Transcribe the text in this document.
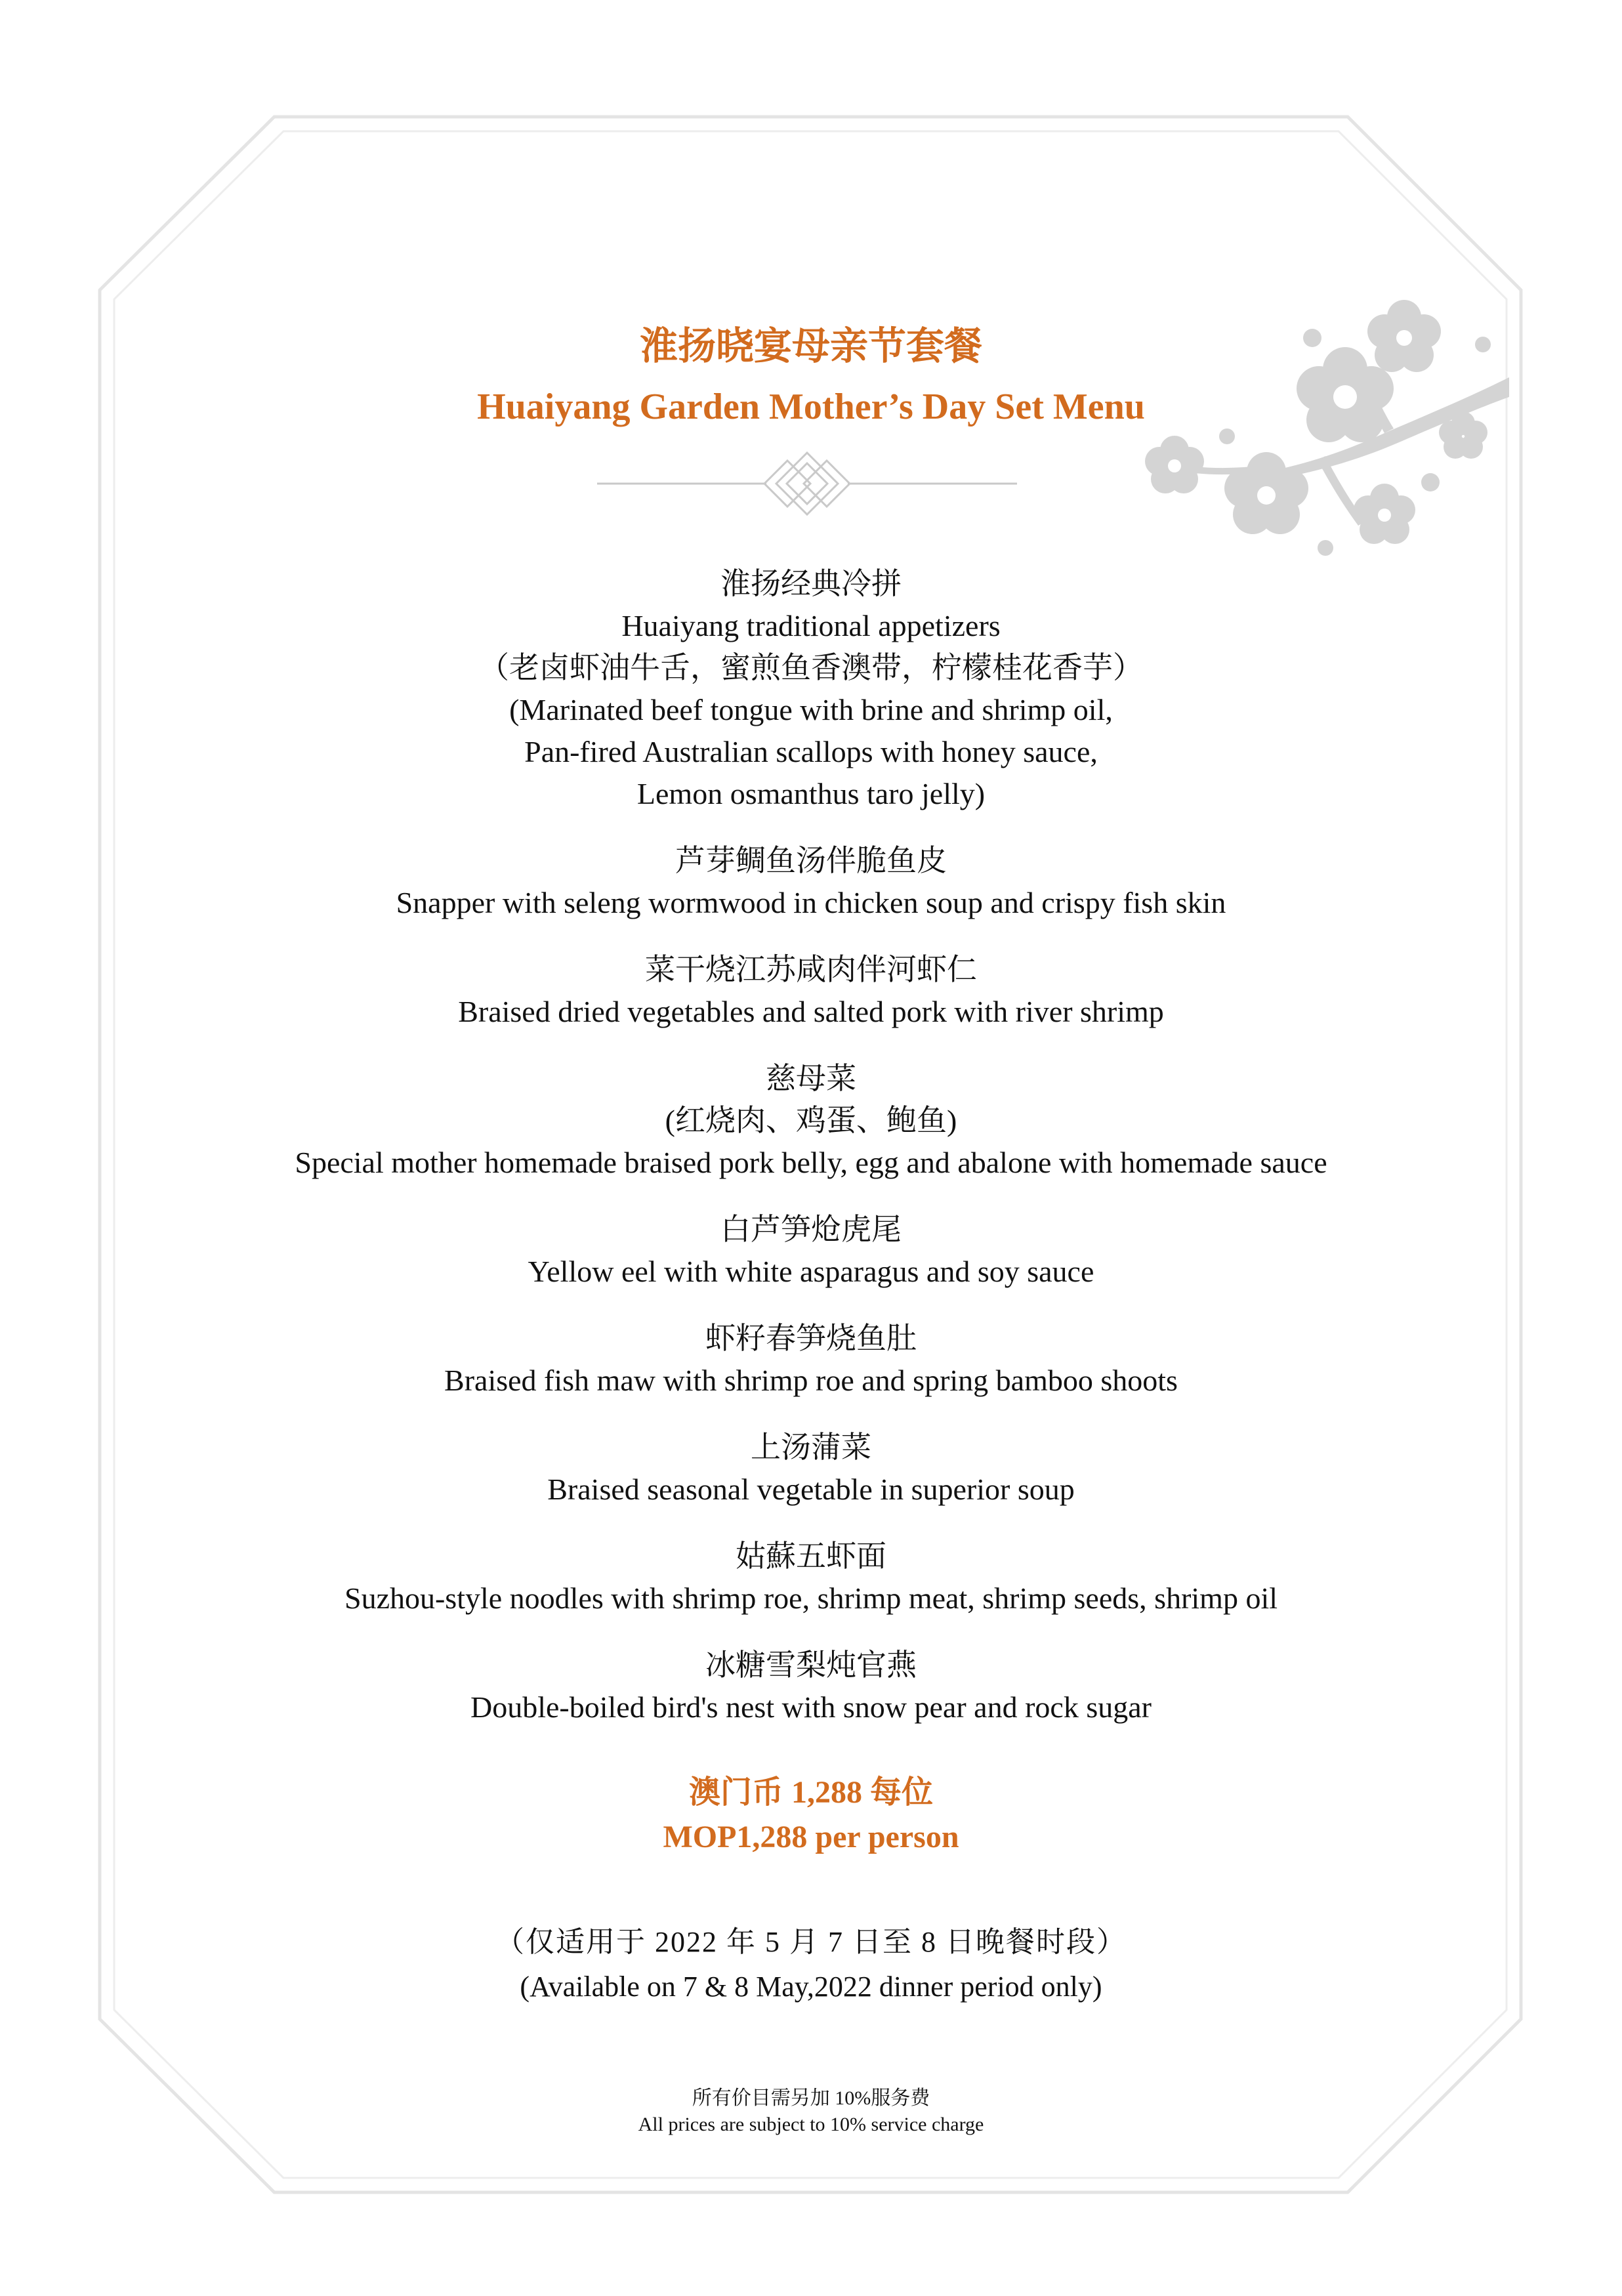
淮扬晓宴母亲节套餐
Huaiyang Garden Mother’s Day Set Menu
淮扬经典冷拼
Huaiyang traditional appetizers
（老卤虾油牛舌，蜜煎鱼香澳带，柠檬桂花香芋）
(Marinated beef tongue with brine and shrimp oil,
Pan-fired Australian scallops with honey sauce,
Lemon osmanthus taro jelly)
芦芽鲷鱼汤伴脆鱼皮
Snapper with seleng wormwood in chicken soup and crispy fish skin
菜干烧江苏咸肉伴河虾仁
Braised dried vegetables and salted pork with river shrimp
慈母菜
(红烧肉、鸡蛋、鲍鱼)
Special mother homemade braised pork belly, egg and abalone with homemade sauce
白芦笋炝虎尾
Yellow eel with white asparagus and soy sauce
虾籽春笋烧鱼肚
Braised fish maw with shrimp roe and spring bamboo shoots
上汤蒲菜
Braised seasonal vegetable in superior soup
姑蘇五虾面
Suzhou-style noodles with shrimp roe, shrimp meat, shrimp seeds, shrimp oil
冰糖雪梨炖官燕
Double-boiled bird's nest with snow pear and rock sugar
澳门币 1,288 每位
MOP1,288 per person
（仅适用于 2022 年 5 月 7 日至 8 日晚餐时段）
(Available on 7 & 8 May,2022 dinner period only)
所有价目需另加 10%服务费
All prices are subject to 10% service charge
